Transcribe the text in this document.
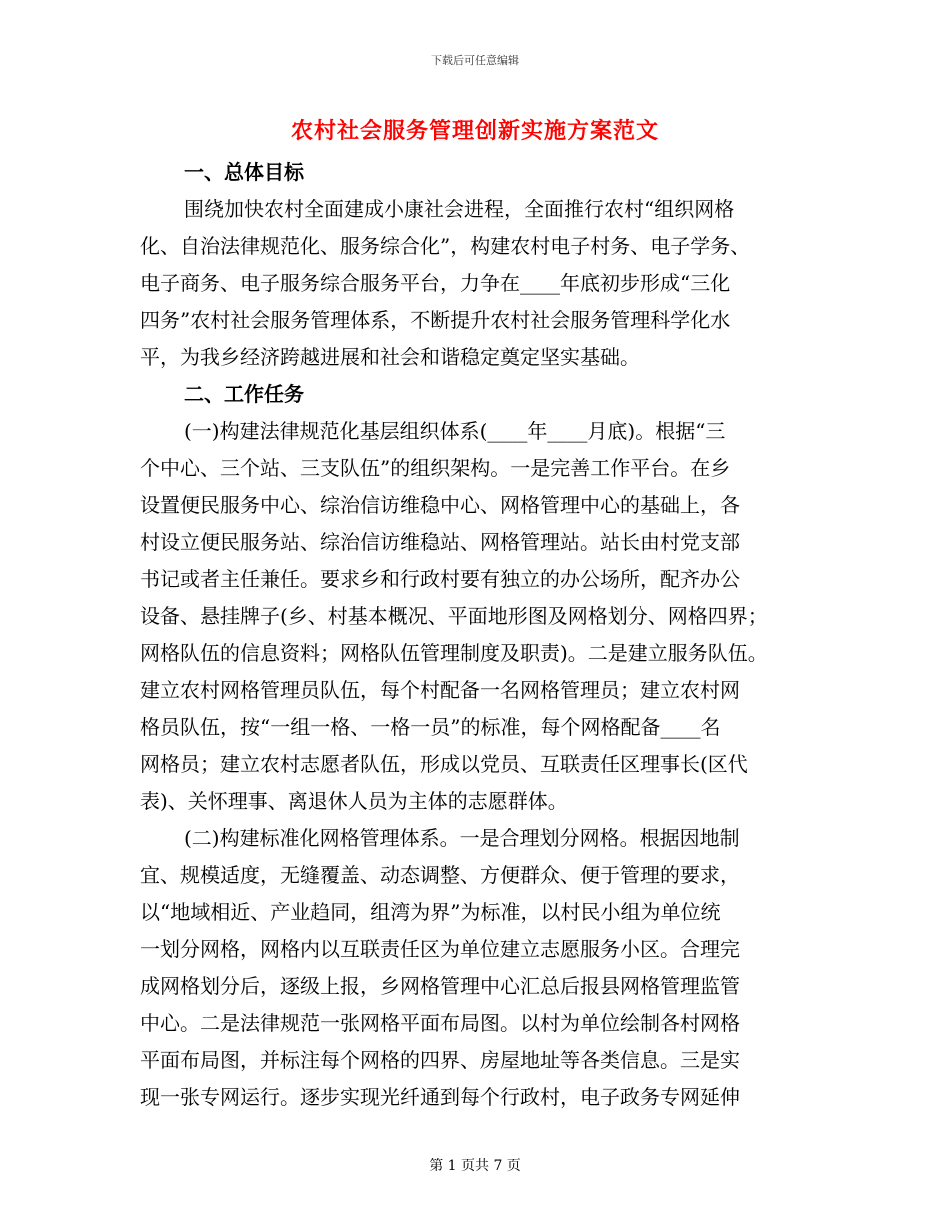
下载后可任意编辑
农村社会服务管理创新实施方案范文
一、总体目标
围绕加快农村全面建成小康社会进程，全面推行农村“组织网格
化、自治法律规范化、服务综合化”，构建农村电子村务、电子学务、
电子商务、电子服务综合服务平台，力争在____年底初步形成“三化
四务”农村社会服务管理体系，不断提升农村社会服务管理科学化水
平，为我乡经济跨越进展和社会和谐稳定奠定坚实基础。
二、工作任务
(一)构建法律规范化基层组织体系(____年____月底)。根据“三
个中心、三个站、三支队伍”的组织架构。一是完善工作平台。在乡
设置便民服务中心、综治信访维稳中心、网格管理中心的基础上，各
村设立便民服务站、综治信访维稳站、网格管理站。站长由村党支部
书记或者主任兼任。要求乡和行政村要有独立的办公场所，配齐办公
设备、悬挂牌子(乡、村基本概况、平面地形图及网格划分、网格四界；
网格队伍的信息资料；网格队伍管理制度及职责)。二是建立服务队伍。
建立农村网格管理员队伍，每个村配备一名网格管理员；建立农村网
格员队伍，按“一组一格、一格一员”的标准，每个网格配备____名
网格员；建立农村志愿者队伍，形成以党员、互联责任区理事长(区代
表)、关怀理事、离退休人员为主体的志愿群体。
(二)构建标准化网格管理体系。一是合理划分网格。根据因地制
宜、规模适度，无缝覆盖、动态调整、方便群众、便于管理的要求，
以“地域相近、产业趋同，组湾为界”为标准，以村民小组为单位统
一划分网格，网格内以互联责任区为单位建立志愿服务小区。合理完
成网格划分后，逐级上报，乡网格管理中心汇总后报县网格管理监管
中心。二是法律规范一张网格平面布局图。以村为单位绘制各村网格
平面布局图，并标注每个网格的四界、房屋地址等各类信息。三是实
现一张专网运行。逐步实现光纤通到每个行政村，电子政务专网延伸
第 1 页共 7 页
